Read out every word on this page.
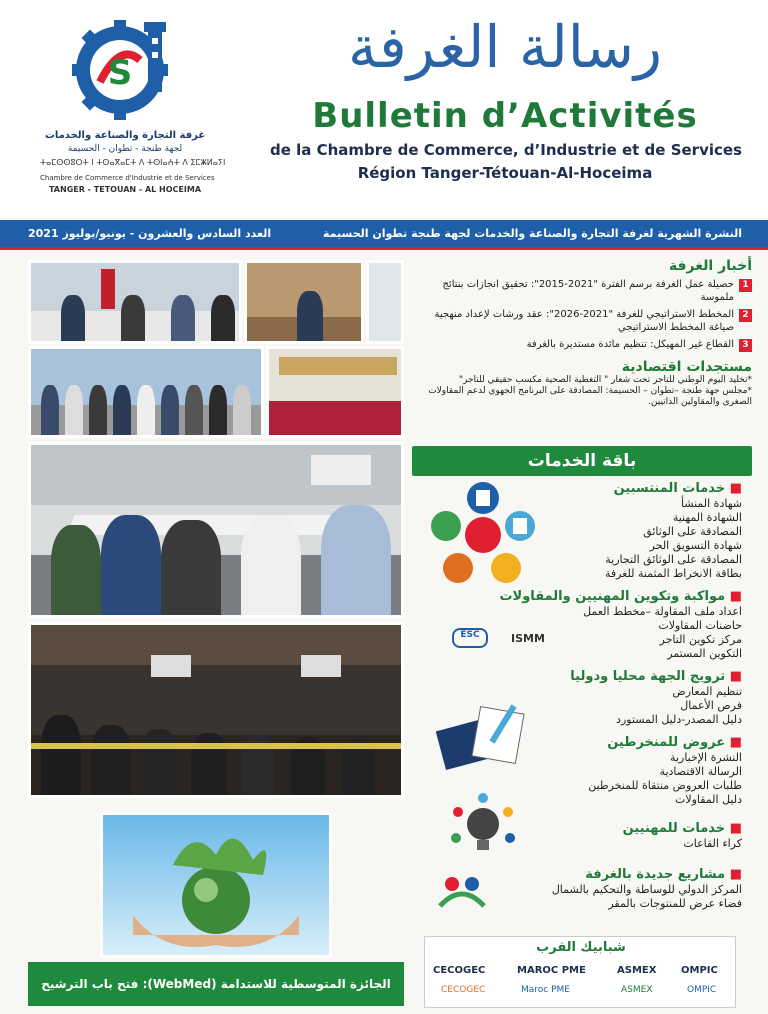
S
غرفة التجارة والصناعة والخدمات
لجهة طنجة - تطوان - الحسيمة
ⵜⴰⵎⵙⵙⵓⵔⵜ ⵏ ⵜⵙⴰⴳⴰⵎⵜ ⴷ ⵜⵙⵏⴰⵄⵜ ⴷ ⵉⵎⵥⵍⴰⵢⵏ
Chambre de Commerce d'Industrie et de Services
TANGER - TETOUAN - AL HOCEIMA
رسالة الغرفة
Bulletin d’Activités
de la Chambre de Commerce, d’Industrie et de Services
Région Tanger-Tétouan-Al-Hoceima
النشرة الشهرية لغرفة التجارة والصناعة والخدمات لجهة طنجة تطوان الحسيمة
العدد السادس والعشرون - يونيو/يوليوز 2021
الجائزة المتوسطية للاستدامة (WebMed): فتح باب الترشيح
أخبار الغرفة
1
حصيلة عمل الغرفة برسم الفترة "2021-2015": تحقيق انجازات بنتائج ملموسة
2
المخطط الاستراتيجي للغرفة "2021-2026": عقد ورشات لإعداد منهجية صياغة المخطط الاستراتيجي
3
القطاع غير المهيكل: تنظيم مائدة مستديرة بالغرفة
مستجدات اقتصادية
*تخليد اليوم الوطني للتاجر تحت شعار " التغطية الصحية مكسب حقيقي للتاجر"
*مجلس جهة طنجة –تطوان – الحسيمة: المصادقة على البرنامج الجهوي لدعم المقاولات الصغرى والمقاولين الذاتيين.
باقة الخدمات
ESC	ISMM
■ خدمات المنتسبين
شهادة المنشأ
الشهادة المهنية
المصادقة على الوثائق
شهادة التسويق الحر
المصادقة على الوثائق التجارية
بطاقة الانخراط المثمنة للغرفة
■ مواكبة وتكوين المهنيين والمقاولات
اعداد ملف المقاولة –مخطط العمل
حاضنات المقاولات
مركز تكوين التاجر
التكوين المستمر
■ ترويج الجهة محليا ودوليا
تنظيم المعارض
فرص الأعمال
دليل المصدر-دليل المستورد
■ عروض للمنخرطين
النشرة الإخبارية
الرسالة الاقتصادية
طلبات العروض منتقاة للمنخرطين
دليل المقاولات
■ خدمات للمهنيين
كراء القاعات
■ مشاريع جديدة بالغرفة
المركز الدولي للوساطة والتحكيم بالشمال
فضاء عرض للمنتوجات بالمقر
شبابيك القرب
CECOGEC	MAROC PME	ASMEX OMPIC
CECOGEC	Maroc PME	ASMEX	OMPIC
